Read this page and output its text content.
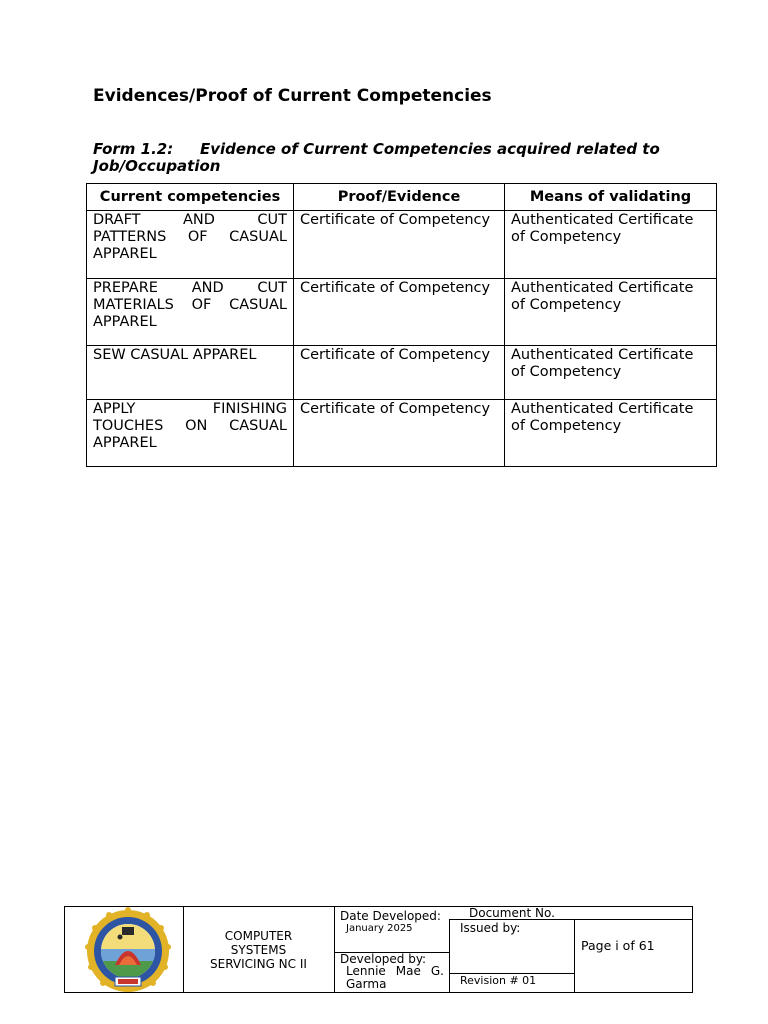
Evidences/Proof of Current Competencies
Form 1.2: Evidence of Current Competencies acquired related to Job/Occupation
Current competencies	Proof/Evidence	Means of validating
DRAFT AND CUT PATTERNS OF CASUAL APPAREL	Certificate of Competency	Authenticated Certificate of Competency
PREPARE AND CUT MATERIALS OF CASUAL APPAREL	Certificate of Competency	Authenticated Certificate of Competency
SEW CASUAL APPAREL	Certificate of Competency	Authenticated Certificate of Competency
APPLY FINISHING TOUCHES ON CASUAL APPAREL	Certificate of Competency	Authenticated Certificate of Competency
COMPUTER
SYSTEMS
SERVICING NC II
Date Developed:
January 2025
Developed by:
Lennie Mae G.
Garma
Document No.
Issued by:
Revision # 01
Page i of 61
